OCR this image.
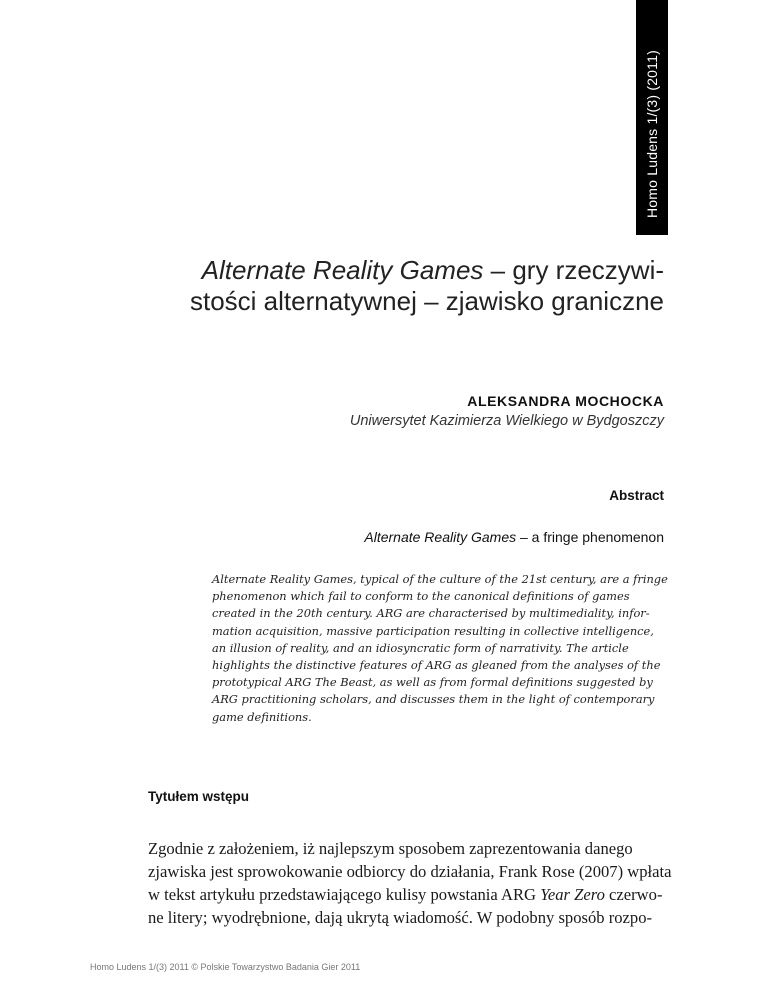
Homo Ludens 1/(3) (2011)
Alternate Reality Games – gry rzeczywi-
stości alternatywnej – zjawisko graniczne
ALEKSANDRA MOCHOCKA
Uniwersytet Kazimierza Wielkiego w Bydgoszczy
Abstract
Alternate Reality Games – a fringe phenomenon

Alternate Reality Games, typical of the culture of the 21st century, are a fringe
phenomenon which fail to conform to the canonical definitions of games
created in the 20th century. ARG are characterised by multimediality, infor-
mation acquisition, massive participation resulting in collective intelligence,
an illusion of reality, and an idiosyncratic form of narrativity. The article
highlights the distinctive features of ARG as gleaned from the analyses of the
prototypical ARG The Beast, as well as from formal definitions suggested by
ARG practitioning scholars, and discusses them in the light of contemporary
game definitions.

Tytułem wstępu

Zgodnie z założeniem, iż najlepszym sposobem zaprezentowania danego
zjawiska jest sprowokowanie odbiorcy do działania, Frank Rose (2007) wpłata
w tekst artykułu przedstawiającego kulisy powstania ARG Year Zero czerwo-
ne litery; wyodrębnione, dają ukrytą wiadomość. W podobny sposób rozpo-

Homo Ludens 1/(3) 2011 © Polskie Towarzystwo Badania Gier 2011
